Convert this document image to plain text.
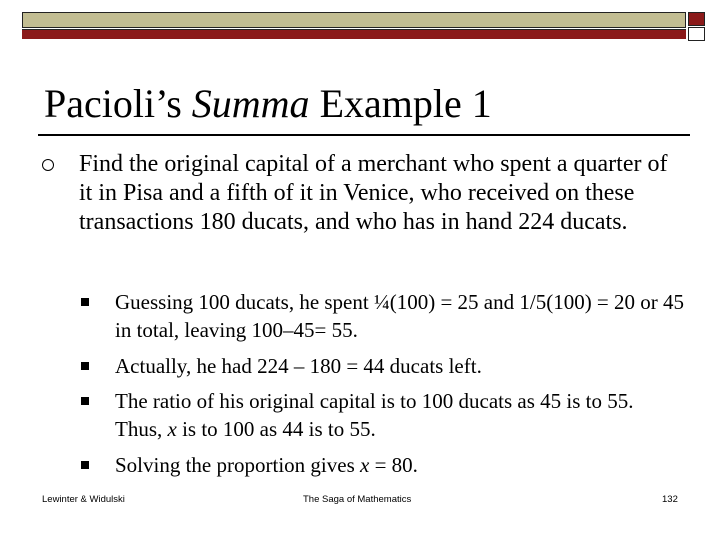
Pacioli’s Summa Example 1

Find the original capital of a merchant who spent a quarter of it in Pisa and a fifth of it in Venice, who received on these transactions 180 ducats, and who has in hand 224 ducats.

Guessing 100 ducats, he spent ¼(100) = 25 and 1/5(100) = 20 or 45 in total, leaving 100–45= 55.
Actually, he had 224 – 180 = 44 ducats left.
The ratio of his original capital is to 100 ducats as 45 is to 55. Thus, x is to 100 as 44 is to 55.
Solving the proportion gives x = 80.
Lewinter & Widulski	The Saga of Mathematics	132
